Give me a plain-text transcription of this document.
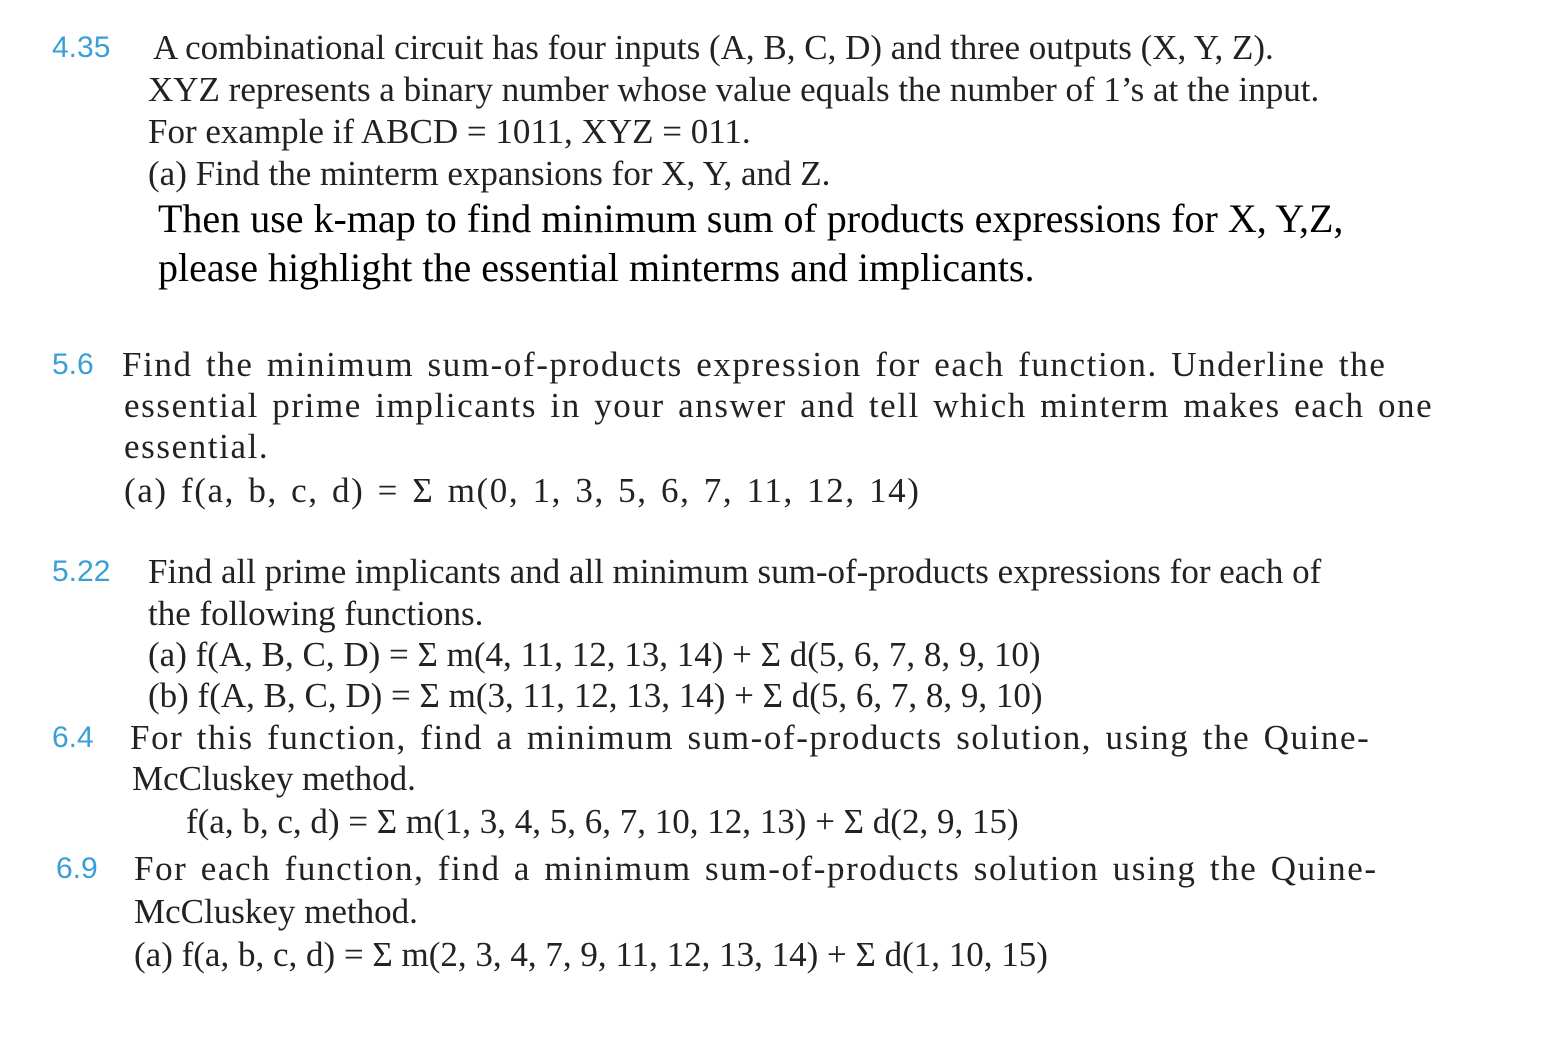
4.35 A combinational circuit has four inputs (A, B, C, D) and three outputs (X, Y, Z).
XYZ represents a binary number whose value equals the number of 1’s at the input.
For example if ABCD = 1011, XYZ = 011.
(a) Find the minterm expansions for X, Y, and Z.
Then use k-map to find minimum sum of products expressions for X, Y,Z,
please highlight the essential minterms and implicants.
5.6 Find the minimum sum-of-products expression for each function. Underline the
essential prime implicants in your answer and tell which minterm makes each one
essential.
(a) f(a, b, c, d) = Σ m(0, 1, 3, 5, 6, 7, 11, 12, 14)
5.22 Find all prime implicants and all minimum sum-of-products expressions for each of
the following functions.
(a) f(A, B, C, D) = Σ m(4, 11, 12, 13, 14) + Σ d(5, 6, 7, 8, 9, 10)
(b) f(A, B, C, D) = Σ m(3, 11, 12, 13, 14) + Σ d(5, 6, 7, 8, 9, 10)
6.4 For this function, find a minimum sum-of-products solution, using the Quine-
McCluskey method.
f(a, b, c, d) = Σ m(1, 3, 4, 5, 6, 7, 10, 12, 13) + Σ d(2, 9, 15)
6.9 For each function, find a minimum sum-of-products solution using the Quine-
McCluskey method.
(a) f(a, b, c, d) = Σ m(2, 3, 4, 7, 9, 11, 12, 13, 14) + Σ d(1, 10, 15)
